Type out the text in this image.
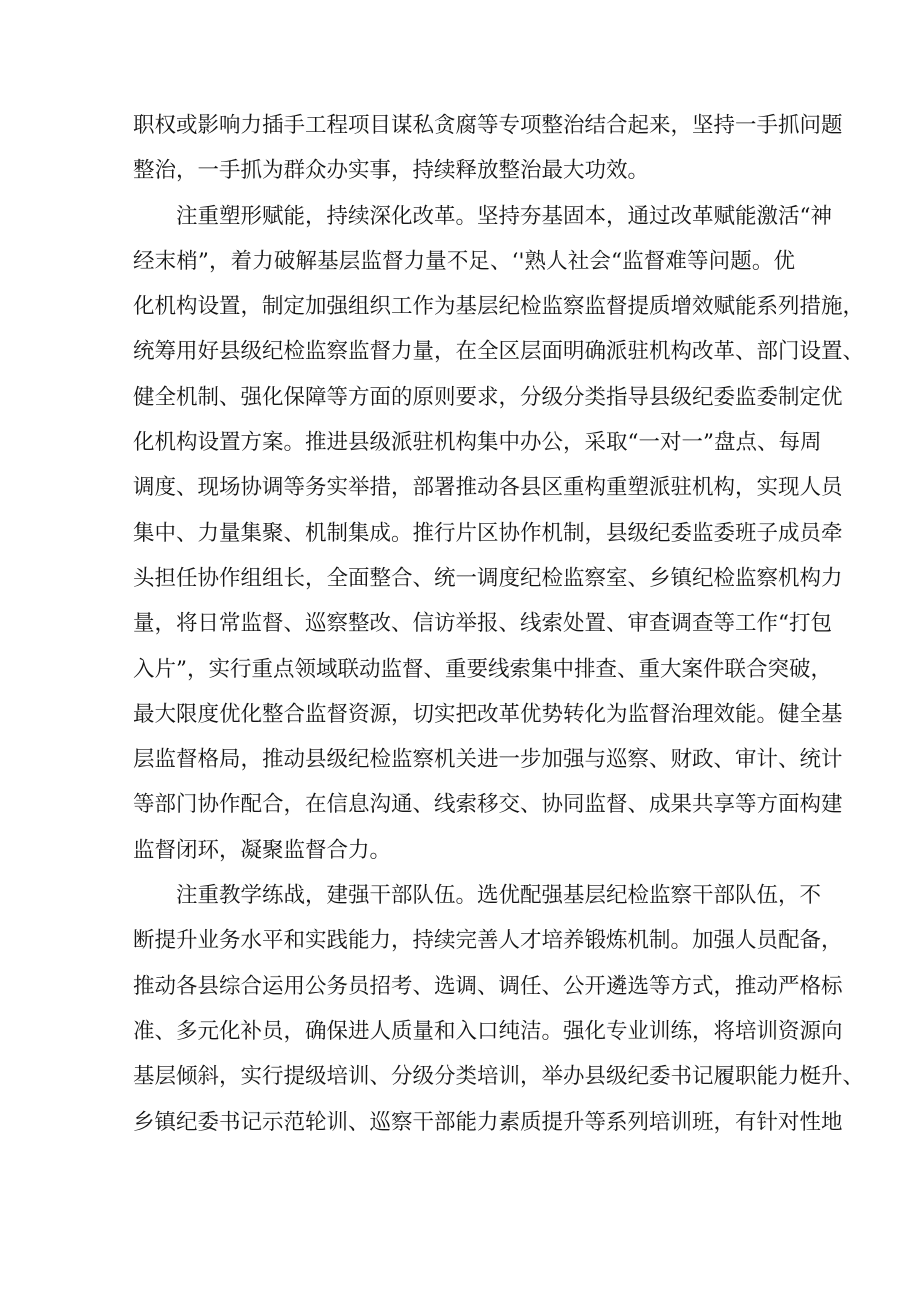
职权或影响力插手工程项目谋私贪腐等专项整治结合起来，坚持一手抓问题
整治，一手抓为群众办实事，持续释放整治最大功效。
注重塑形赋能，持续深化改革。坚持夯基固本，通过改革赋能激活“神
经末梢”，着力破解基层监督力量不足、‘'熟人社会“监督难等问题。优
化机构设置，制定加强组织工作为基层纪检监察监督提质增效赋能系列措施，
统筹用好县级纪检监察监督力量，在全区层面明确派驻机构改革、部门设置、
健全机制、强化保障等方面的原则要求，分级分类指导县级纪委监委制定优
化机构设置方案。推进县级派驻机构集中办公，采取“一对一”盘点、每周
调度、现场协调等务实举措，部署推动各县区重构重塑派驻机构，实现人员
集中、力量集聚、机制集成。推行片区协作机制，县级纪委监委班子成员牵
头担任协作组组长，全面整合、统一调度纪检监察室、乡镇纪检监察机构力
量，将日常监督、巡察整改、信访举报、线索处置、审查调查等工作“打包
入片”，实行重点领域联动监督、重要线索集中排查、重大案件联合突破，
最大限度优化整合监督资源，切实把改革优势转化为监督治理效能。健全基
层监督格局，推动县级纪检监察机关进一步加强与巡察、财政、审计、统计
等部门协作配合，在信息沟通、线索移交、协同监督、成果共享等方面构建
监督闭环，凝聚监督合力。
注重教学练战，建强干部队伍。选优配强基层纪检监察干部队伍，不
断提升业务水平和实践能力，持续完善人才培养锻炼机制。加强人员配备，
推动各县综合运用公务员招考、选调、调任、公开遴选等方式，推动严格标
准、多元化补员，确保进人质量和入口纯洁。强化专业训练，将培训资源向
基层倾斜，实行提级培训、分级分类培训，举办县级纪委书记履职能力梃升、
乡镇纪委书记示范轮训、巡察干部能力素质提升等系列培训班，有针对性地
